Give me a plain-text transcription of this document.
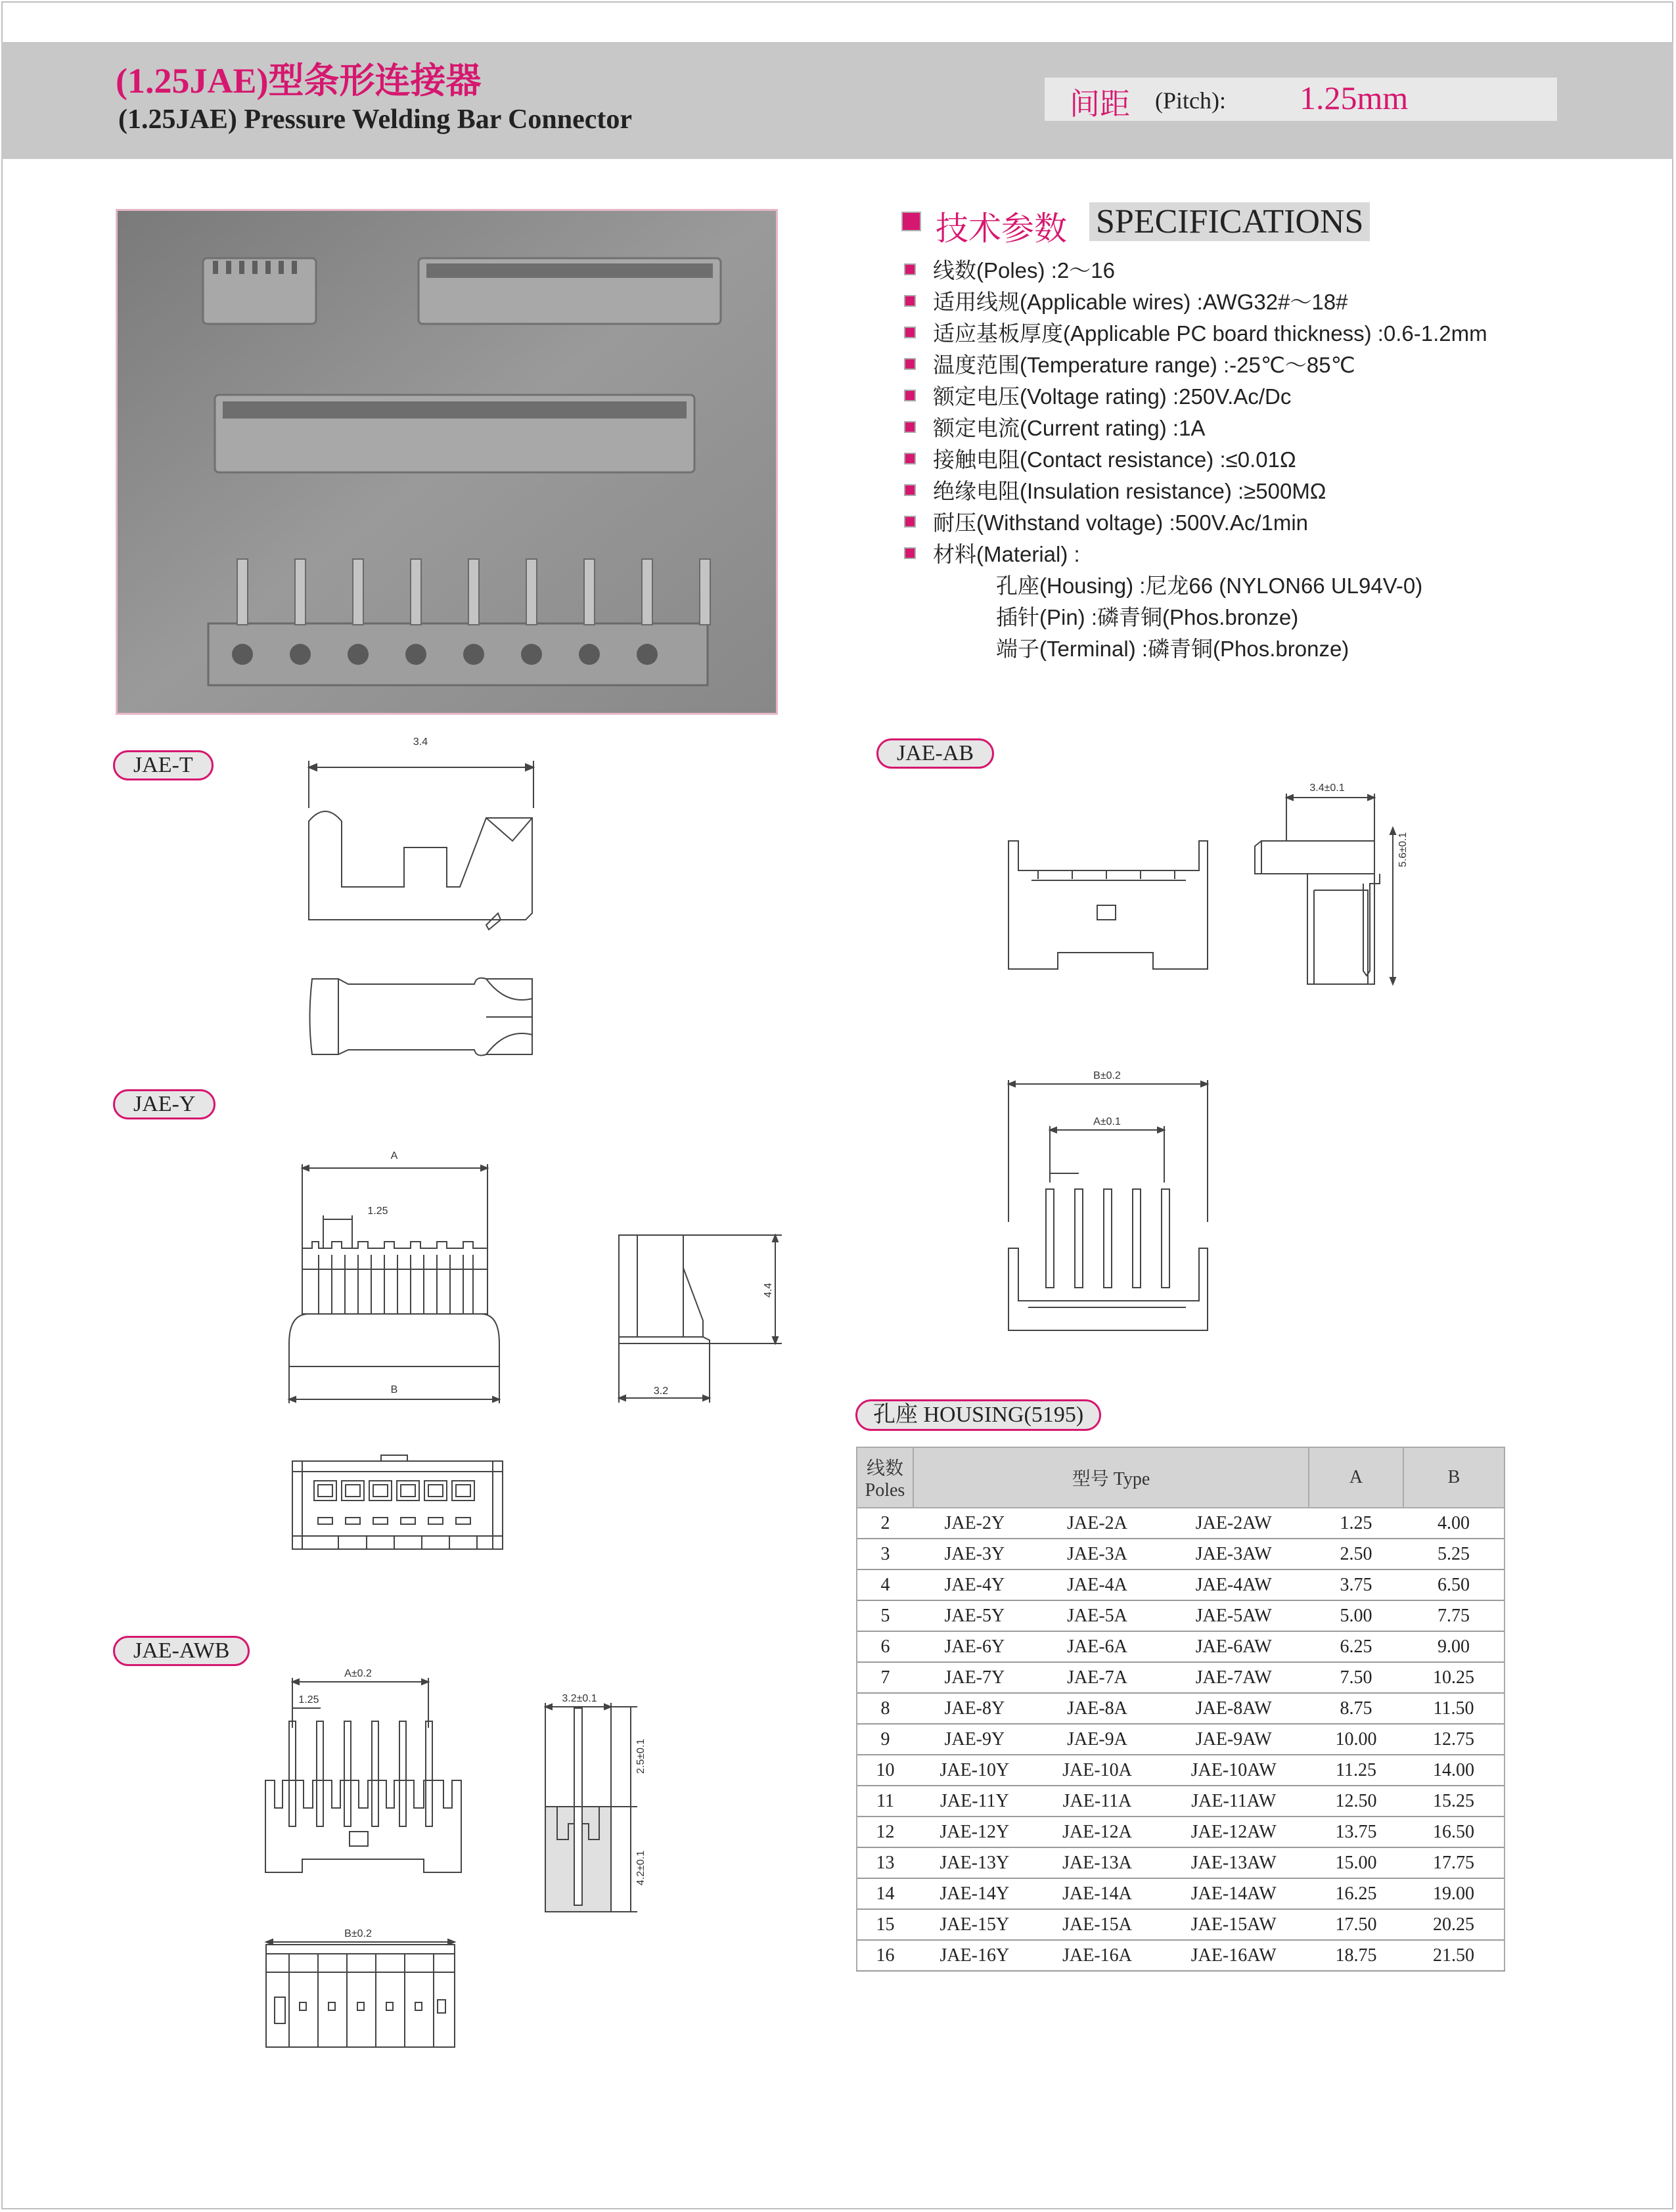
(1.25JAE)型条形连接器
(1.25JAE) Pressure Welding Bar Connector	间距 (Pitch): 1.25mm
技术参数 SPECIFICATIONS
线数(Poles) :2～16
适用线规(Applicable wires) :AWG32#～18#
适应基板厚度(Applicable PC board thickness) :0.6-1.2mm
温度范围(Temperature range) :-25℃～85℃
额定电压(Voltage rating) :250V.Ac/Dc
额定电流(Current rating) :1A
接触电阻(Contact resistance) :≤0.01Ω
绝缘电阻(Insulation resistance) :≥500MΩ
耐压(Withstand voltage) :500V.Ac/1min
材料(Material) :
孔座(Housing) :尼龙66 (NYLON66 UL94V-0)
插针(Pin) :磷青铜(Phos.bronze)
端子(Terminal) :磷青铜(Phos.bronze)
JAE-T	JAE-AB
JAE-Y
JAE-AWB
3.4
3.4±0.1
5.6±0.1
B±0.2
A±0.1
A
1.25
B
4.4
3.2
A±0.2
1.25	3.2±0.1
2.5±0.1
4.2±0.1
B±0.2
孔座 HOUSING(5195)
线数 Poles	型号 Type			A	B
2	JAE-2Y	JAE-2A	JAE-2AW	1.25	4.00
3	JAE-3Y	JAE-3A	JAE-3AW	2.50	5.25
4	JAE-4Y	JAE-4A	JAE-4AW	3.75	6.50
5	JAE-5Y	JAE-5A	JAE-5AW	5.00	7.75
6	JAE-6Y	JAE-6A	JAE-6AW	6.25	9.00
7	JAE-7Y	JAE-7A	JAE-7AW	7.50	10.25
8	JAE-8Y	JAE-8A	JAE-8AW	8.75	11.50
9	JAE-9Y	JAE-9A	JAE-9AW	10.00	12.75
10	JAE-10Y	JAE-10A	JAE-10AW	11.25	14.00
11	JAE-11Y	JAE-11A	JAE-11AW	12.50	15.25
12	JAE-12Y	JAE-12A	JAE-12AW	13.75	16.50
13	JAE-13Y	JAE-13A	JAE-13AW	15.00	17.75
14	JAE-14Y	JAE-14A	JAE-14AW	16.25	19.00
15	JAE-15Y	JAE-15A	JAE-15AW	17.50	20.25
16	JAE-16Y	JAE-16A	JAE-16AW	18.75	21.50
